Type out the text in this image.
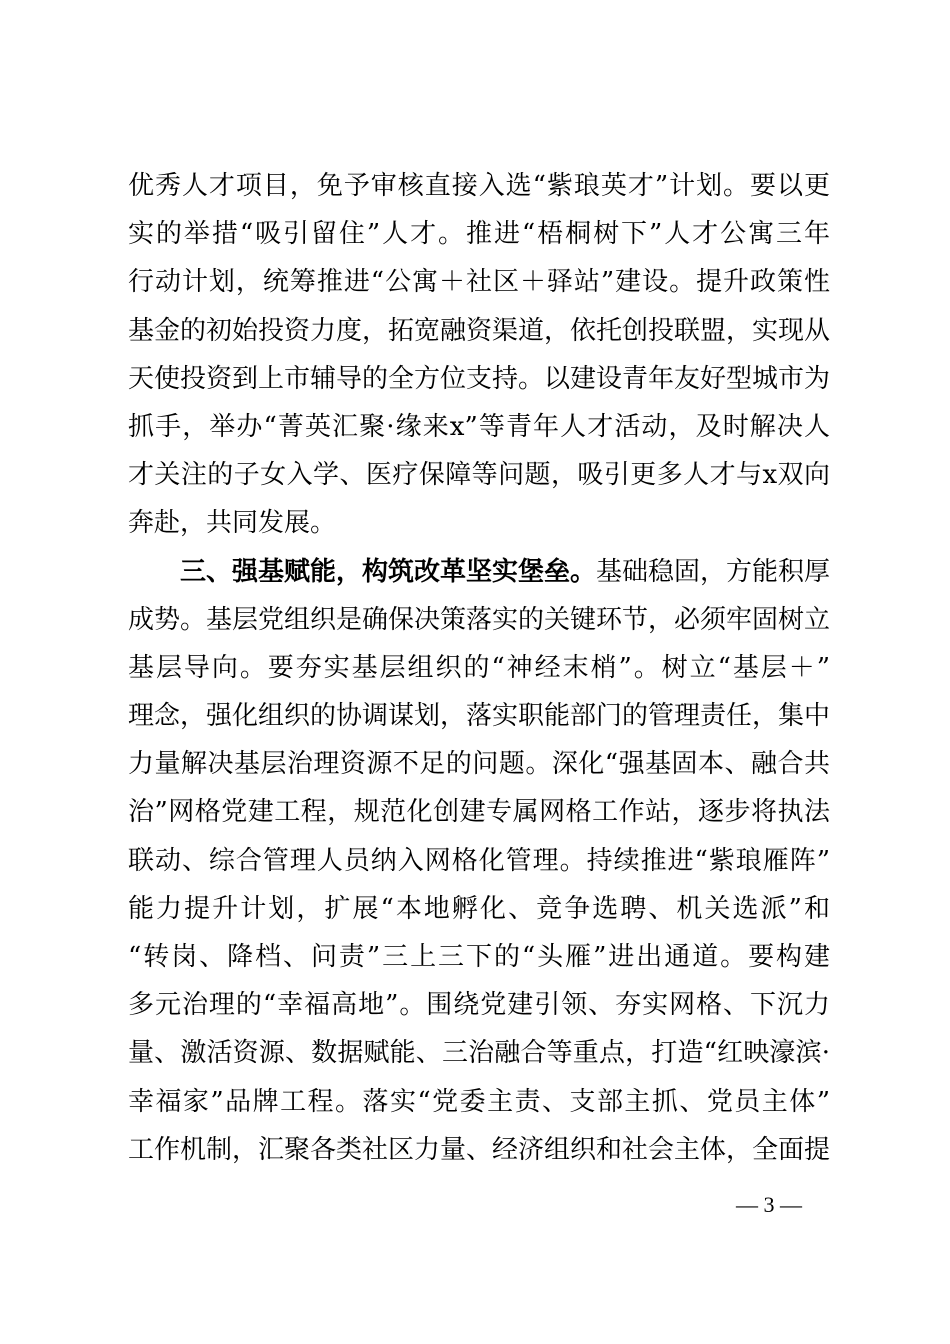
优秀人才项目，免予审核直接入选“紫琅英才”计划。要以更
实的举措“吸引留住”人才。推进“梧桐树下”人才公寓三年
行动计划，统筹推进“公寓＋社区＋驿站”建设。提升政策性
基金的初始投资力度，拓宽融资渠道，依托创投联盟，实现从
天使投资到上市辅导的全方位支持。以建设青年友好型城市为
抓手，举办“菁英汇聚·缘来x”等青年人才活动，及时解决人
才关注的子女入学、医疗保障等问题，吸引更多人才与x双向
奔赴，共同发展。
三、强基赋能，构筑改革坚实堡垒。基础稳固，方能积厚
成势。基层党组织是确保决策落实的关键环节，必须牢固树立
基层导向。要夯实基层组织的“神经末梢”。树立“基层＋”
理念，强化组织的协调谋划，落实职能部门的管理责任，集中
力量解决基层治理资源不足的问题。深化“强基固本、融合共
治”网格党建工程，规范化创建专属网格工作站，逐步将执法
联动、综合管理人员纳入网格化管理。持续推进“紫琅雁阵”
能力提升计划，扩展“本地孵化、竞争选聘、机关选派”和
“转岗、降档、问责”三上三下的“头雁”进出通道。要构建
多元治理的“幸福高地”。围绕党建引领、夯实网格、下沉力
量、激活资源、数据赋能、三治融合等重点，打造“红映濠滨·
幸福家”品牌工程。落实“党委主责、支部主抓、党员主体”
工作机制，汇聚各类社区力量、经济组织和社会主体，全面提
— 3 —
